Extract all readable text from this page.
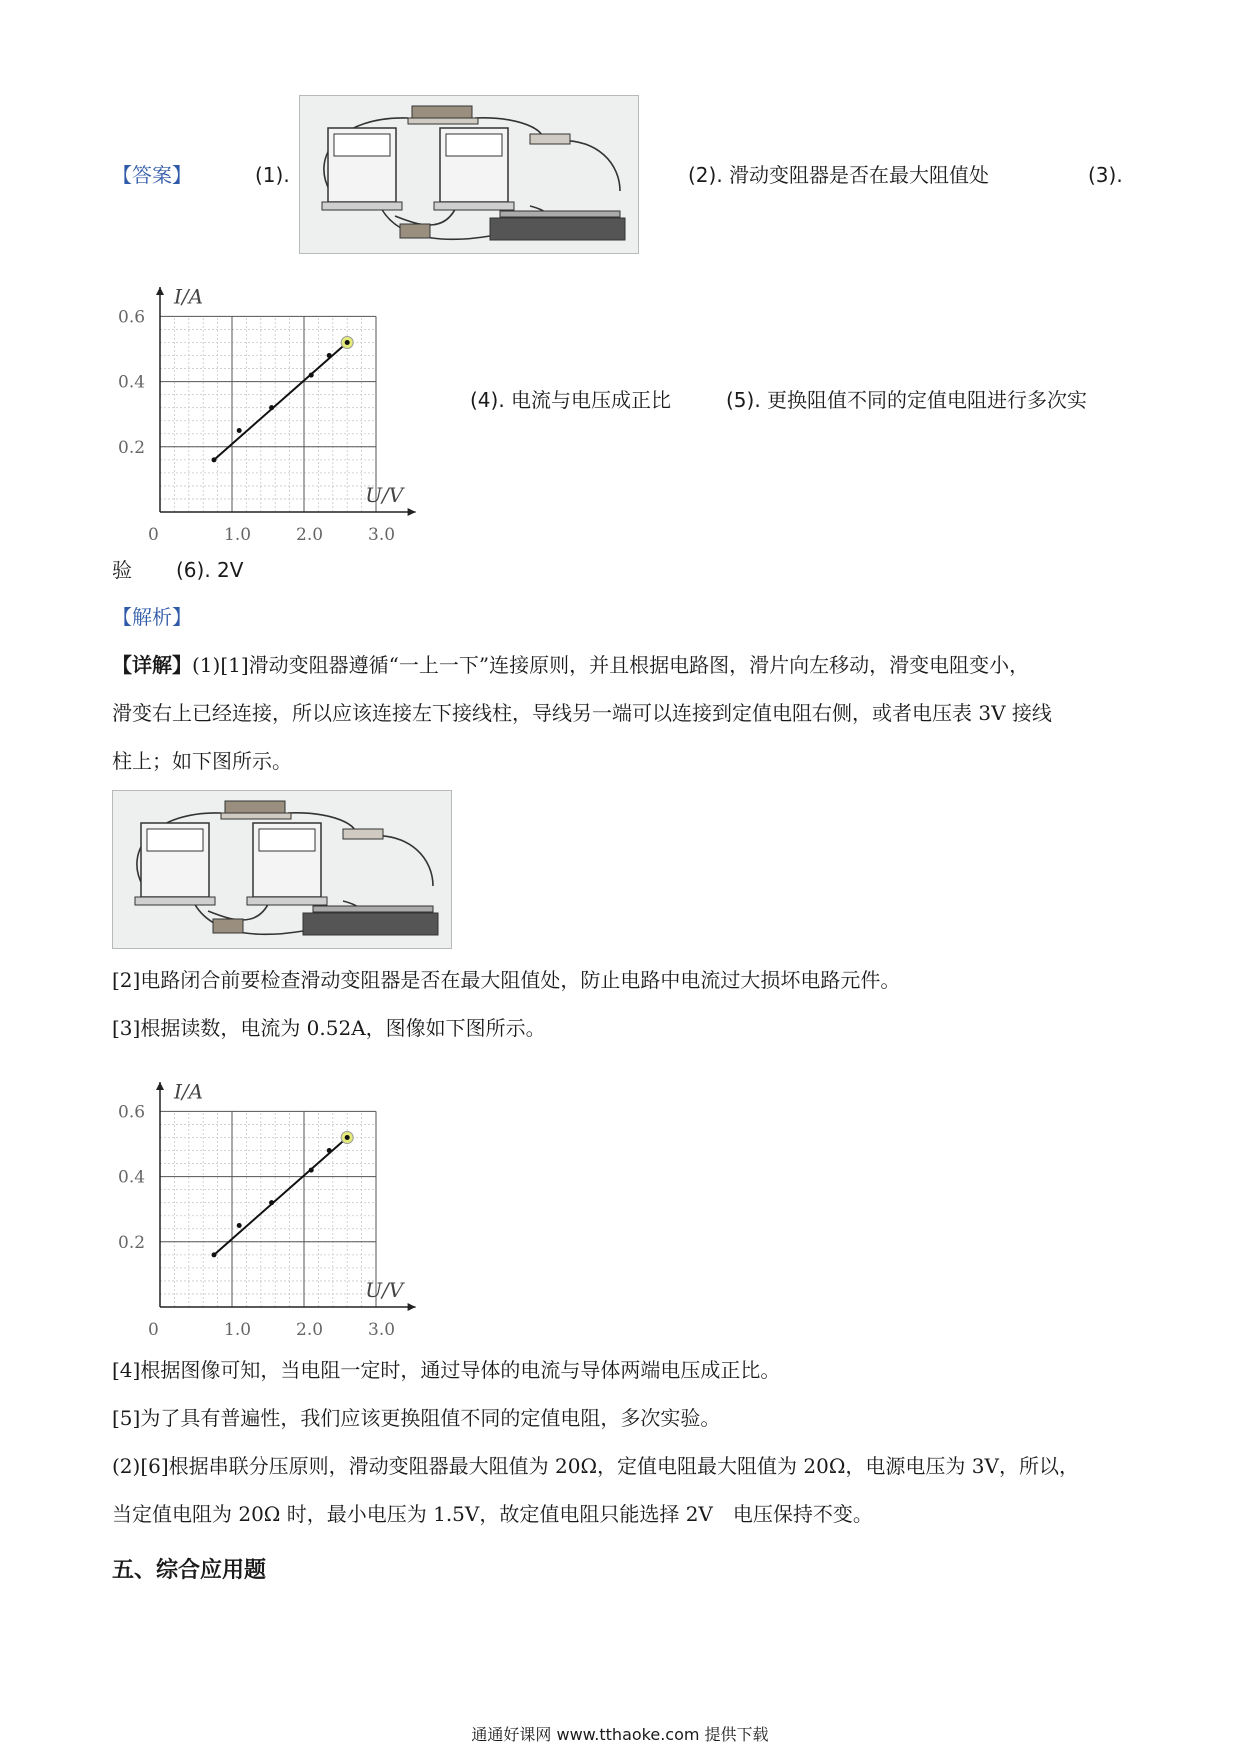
【答案】	(1).	(2). 滑动变阻器是否在最大阻值处	(3).
0	1.0	2.0	3.0
0.2
0.4
0.6
U/V
I/A
(4). 电流与电压成正比	(5). 更换阻值不同的定值电阻进行多次实
验 (6). 2V
【解析】
【详解】(1)[1]滑动变阻器遵循“一上一下”连接原则，并且根据电路图，滑片向左移动，滑变电阻变小，
滑变右上已经连接，所以应该连接左下接线柱，导线另一端可以连接到定值电阻右侧，或者电压表 3V 接线
柱上；如下图所示。
[2]电路闭合前要检查滑动变阻器是否在最大阻值处，防止电路中电流过大损坏电路元件。
[3]根据读数，电流为 0.52A，图像如下图所示。
0	1.0	2.0	3.0
0.2
0.4
0.6
U/V
I/A
[4]根据图像可知，当电阻一定时，通过导体的电流与导体两端电压成正比。
[5]为了具有普遍性，我们应该更换阻值不同的定值电阻，多次实验。
(2)[6]根据串联分压原则，滑动变阻器最大阻值为 20Ω，定值电阻最大阻值为 20Ω，电源电压为 3V，所以，
当定值电阻为 20Ω 时，最小电压为 1.5V，故定值电阻只能选择 2V　电压保持不变。
五、综合应用题
通通好课网 www.tthaoke.com 提供下载
